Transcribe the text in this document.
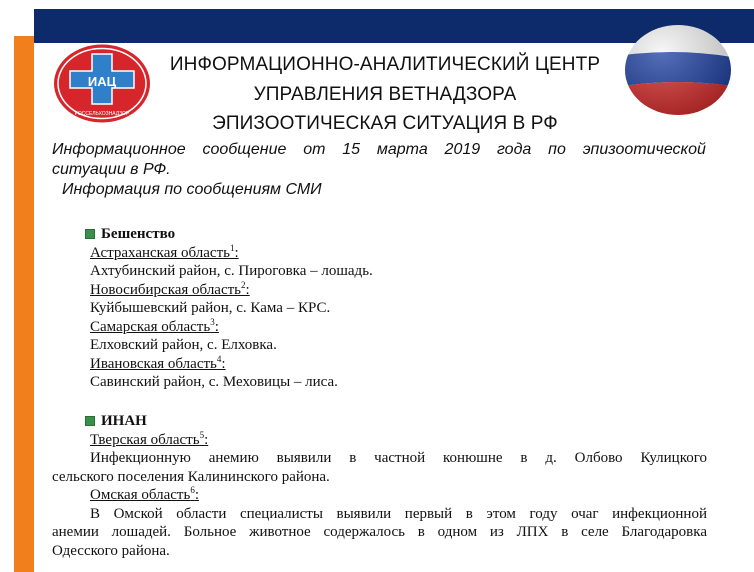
ИАЦ
РОССЕЛЬХОЗНАДЗОР
ИНФОРМАЦИОННО-АНАЛИТИЧЕСКИЙ ЦЕНТР
УПРАВЛЕНИЯ ВЕТНАДЗОРА
ЭПИЗООТИЧЕСКАЯ СИТУАЦИЯ В РФ
Информационное сообщение от 15 марта 2019 года по эпизоотической
ситуации в РФ.
Информация по сообщениям СМИ
Бешенство
Астраханская область$^1$:
Ахтубинский район, с. Пироговка – лошадь.
Новосибирская область$^2$:
Куйбышевский район, с. Кама – КРС.
Самарская область$^3$:
Елховский район, с. Елховка.
Ивановская область$^4$:
Савинский район, с. Меховицы – лиса.
ИНАН
Тверская область$^5$:
Инфекционную анемию выявили в частной конюшне в д. Олбово Кулицкого
сельского поселения Калининского района.
Омская область$^6$:
В Омской области специалисты выявили первый в этом году очаг инфекционной
анемии лошадей. Больное животное содержалось в одном из ЛПХ в селе Благодаровка
Одесского района.
